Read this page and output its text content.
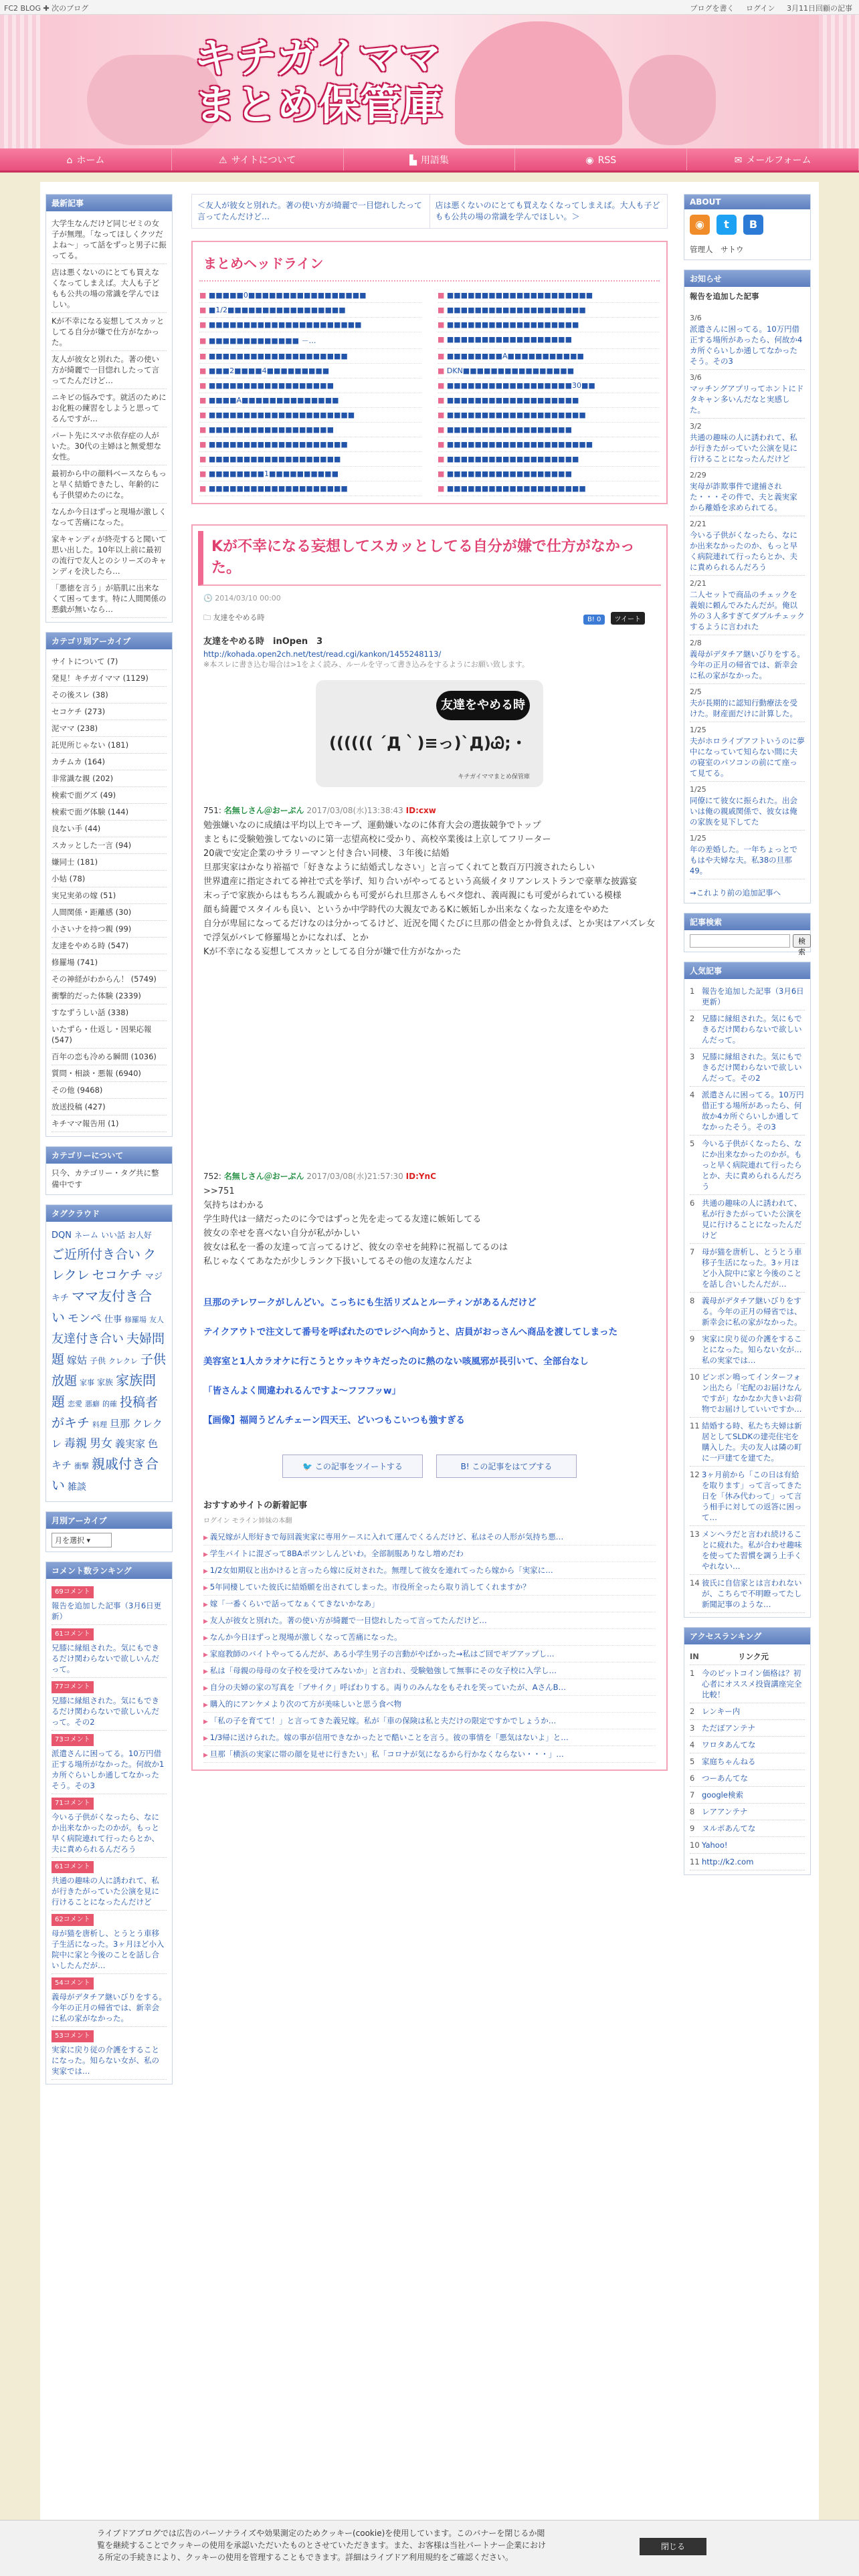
FC2 BLOG ✚ 次のブログ	ブログを書く ログイン 3月11日回顧の記事
キチガイママ
まとめ保管庫
⌂ ホーム	⚠ サイトについて	▙ 用語集	◉ RSS	✉ メールフォーム
最新記事
大学生なんだけど同じゼミの女子が無理。「なってほしくクツだよね～」って話をずっと男子に振ってる。
店は悪くないのにとても買えなくなってしまえば。大人も子どもも公共の場の常識を学んでほしい。
Kが不幸になる妄想してスカッとしてる自分が嫌で仕方がなかった。
友人が彼女と別れた。著の使い方が綺麗で一目惚れしたって言ってたんだけど…
ニキビの悩みです。就活のためにお化粧の練習をしようと思ってるんですが…
パート先にスマホ依存症の人がいた。30代の主婦はと無愛想な女性。
最初から中の顔料ベースならもっと早く結婚できたし、年齢的にも子供望めたのにな。
なんか今日ほずっと現場が激しくなって苦痛になった。
家キャンディが終売すると聞いて思い出した。10年以上前に最初の流行で友人とのシリーズのキャンディを決したら…
「悪徳を言う」が筋肌に出来なくて困ってます。特に人間関係の悪戯が無いなら…
カテゴリ別アーカイブ
サイトについて (7)
発見！キチガイママ (1129)
その後スレ (38)
セコケチ (273)
泥ママ (238)
託児所じゃない (181)
カチムカ (164)
非常識な親 (202)
検索で面グズ (49)
検索で面グ体験 (144)
良ない手 (44)
スカッとした一言 (94)
嫌同士 (181)
小姑 (78)
実兄実弟の嫁 (51)
人間関係・距離感 (30)
小さいナを持つ親 (99)
友達をやめる時 (547)
修羅場 (741)
その神経がわからん！ (5749)
衝撃的だった体験 (2339)
すなずうしい話 (338)
いたずら・仕返し・因果応報 (547)
百年の恋も冷める瞬間 (1036)
質問・相談・悪報 (6940)
その他 (9468)
放送投稿 (427)
キチママ報告用 (1)
カテゴリーについて
只今、カテゴリー・タグ共に整備中です
タグクラウド
DQN ネーム いい話 お人好ご近所付き合い クレクレ セコケチ マジキチ ママ友付き合い モンペ 仕事 修羅場 友人友達付き合い 夫婦問題 嫁姑 子供 クレクレ 子供放題 家事 家族 家族問題 恋愛 悪癖 的確 投稿者がキチ 料理 旦那 クレクレ 毒親 男女 義実家 色キチ 衝撃 親戚付き合い 雑談
月別アーカイブ
月を選択 ▾
コメント数ランキング
69コメント
報告を追加した記事（3月6日更新）
61コメント
兄膝に縁組された。気にもできるだけ関わらないで欲しいんだって。
77コメント
兄膝に縁組された。気にもできるだけ関わらないで欲しいんだって。その2
73コメント
派遣さんに困ってる。10万円借正する場所がなかった。何故か1カ所ぐらいしか通してなかったそう。その3
71コメント
今いる子供がくなったら、なにか出来なかったのかが。もっと早く病院連れて行ったらとか、夫に責められるんだろう
61コメント
共通の趣味の人に誘われて、私が行きたがっていた公演を見に行けることになったんだけど
62コメント
母が猫を唐析し、とうとう車移子生活になった。3ヶ月ほど小入院中に家と今後のことを話し合いしたんだが…
54コメント
義母がデタチア継いびりをする。今年の正月の帰省では、新幸会に私の家がなかった。
53コメント
実家に戻り従の介護をすることになった。知らない女が、私の実家では…
＜友人が彼女と別れた。著の使い方が綺麗で一目惚れしたって言ってたんだけど…
店は悪くないのにとても買えなくなってしまえば。大人も子どもも公共の場の常識を学んでほしい。＞
まとめヘッドライン
■ ■■■■■0■■■■■■■■■■■■■■■■■	■ ■■■■■■■■■■■■■■■■■■■■■
■ ■1/2■■■■■■■■■■■■■■■■■	■ ■■■■■■■■■■■■■■■■■■■■
■ ■■■■■■■■■■■■■■■■■■■■■■	■ ■■■■■■■■■■■■■■■■■■■
■ ■■■■■■■■■■■■■ －…	■ ■■■■■■■■■■■■■■■■■■
■ ■■■■■■■■■■■■■■■■■■■■	■ ■■■■■■■■A■■■■■■■■■■■
■ ■■■2■■■■4■■■■■■■■■	■ DKN■■■■■■■■■■■■■■■■
■ ■■■■■■■■■■■■■■■■■■	■ ■■■■■■■■■■■■■■■■■■30■■
■ ■■■■A■■■■■■■■■■■■■■	■ ■■■■■■■■■■■■■■■■■■■
■ ■■■■■■■■■■■■■■■■■■■■■	■ ■■■■■■■■■■■■■■■■■■■■
■ ■■■■■■■■■■■■■■■■■■	■ ■■■■■■■■■■■■■■■■■■
■ ■■■■■■■■■■■■■■■■■■■■	■ ■■■■■■■■■■■■■■■■■■■■■
■ ■■■■■■■■■■■■■■■■■■■	■ ■■■■■■■■■■■■■■■■■■■
■ ■■■■■■■■1■■■■■■■■■■	■ ■■■■■■■■■■■■■■■■■■
■ ■■■■■■■■■■■■■■■■■■■■	■ ■■■■■■■■■■■■■■■■■■■■
Kが不幸になる妄想してスカッとしてる自分が嫌で仕方がなかった。
🕒 2014/03/10 00:00
🗀 友達をやめる時	B! 0 ツイート
友達をやめる時　inOpen　3
http://kohada.open2ch.net/test/read.cgi/kankon/1455248113/
※本スレに書き込む場合は>1をよく読み、ルールを守って書き込みをするようにお願い致します。
友達をやめる時
(((((( ´Д｀)≡っ)`Д)Ꮚ;・
キチガイママまとめ保管庫
751: 名無しさん＠おーぷん 2017/03/08(水)13:38:43 ID:cxw
勉強嫌いなのに成績は平均以上でキープ、運動嫌いなのに体育大会の選抜競争でトップ
まともに受験勉強してないのに第一志望高校に受かり、高校卒業後は上京してフリーター
20歳で安定企業のサラリーマンと付き合い同棲、３年後に結婚
旦那実家はかなり裕福で「好きなように結婚式しなさい」と言ってくれてと数百万円渡されたらしい
世界遺産に指定されてる神社で式を挙げ、知り合いがやってるという高級イタリアンレストランで豪華な披露宴
末っ子で家族からはもちろん親戚からも可愛がられ旦那さんもベタ惚れ、義両親にも可愛がられている模様
顔も綺麗でスタイルも良い、というか中学時代の大親友であるKに嫉妬しか出来なくなった友達をやめた
自分が卑屈になってるだけなのは分かってるけど、近況を聞くたびに旦那の借金とか骨負えば、とか実はアバズレ女で浮気がバレて修羅場とかになれば、とか
Kが不幸になる妄想してスカッとしてる自分が嫌で仕方がなかった
752: 名無しさん＠おーぷん 2017/03/08(水)21:57:30 ID:YnC
>>751
気持ちはわかる
学生時代は一緒だったのに今ではずっと先を走ってる友達に嫉妬してる
彼女の幸せを喜べない自分が私がかしい
彼女は私を一番の友達って言ってるけど、彼女の幸せを純粋に祝福してるのは
私じゃなくてあなたが少しランク下扱いしてるその他の友達なんだよ

旦那のテレワークがしんどい。こっちにも生活リズムとルーティンがあるんだけど

テイクアウトで注文して番号を呼ばれたのでレジへ向かうと、店員がおっさんへ商品を渡してしまった

美容室と1人カラオケに行こうとウッキウキだったのに熱のない咳風邪が長引いて、全部台なし

「皆さんよく間違われるんですよ〜フフフッw」

【画像】福岡うどんチェーン四天王、どいつもこいつも強すぎる

🐦 この記事をツイートする	B! この記事をはてブする
おすすめサイトの新着記事
ログイン モライン姉妹の本翻
▶ 義兄嫁が人形好きで毎回義実家に専用ケースに入れて運んでくるんだけど、私はその人形が気持ち悪…
▶ 学生バイトに混ざって8BAポツンしんどいわ。全部制服ありなし増めだわ
▶ 1/2女如期収と出かけると言ったら嫁に反対された。無理して彼女を連れてったら嫁から「実家に…
▶ 5年同棲していた彼氏に結婚願を出されてしまった。市役所全ったら取り消してくれますか？
▶ 嫁「一番くらいで話ってなぁくてきないかなあ」
▶ 友人が彼女と別れた。著の使い方が綺麗で一目惚れしたって言ってたんだけど…
▶ なんか今日ほずっと現場が激しくなって苦痛になった。
▶ 家庭教師のバイトやってるんだが、ある小学生男子の言動がやばかった→私はご回でギブアップし…
▶ 私は「母親の母母の女子校を受けてみないか」と言われ、受験勉強して無事にその女子校に入学し…
▶ 自分の夫婦の家の写真を「ブサイク」呼ばわりする。両りのみんなをもそれを笑っていたが、AさんB…
▶ 購入的にアンケメより次のて方が美味しいと思う食べ物
▶ 「私の子を育てて！」と言ってきた義兄嫁。私が「車の保険は私と夫だけの限定ですかでしょうか…
▶ 1/3帰に送けられた。嫁の事が信用できなかったとで酷いことを言う。彼の事情を「悪気はないよ」と…
▶ 旦那「横浜の実家に帯の顔を見せに行きたい」私「コロナが気になるから行かなくならない・・・」…
ABOUT
◉	t	B
管理人　サトウ
お知らせ
報告を追加した記事
3/6
派遣さんに困ってる。10万円借正する場所があったら、何故か4カ所ぐらいしか通してなかったそう。その3
3/6
マッチングアプリってホントにドタキャン多いんだなと実感した。
3/2
共通の趣味の人に誘われて、私が行きたがっていた公演を見に行けることになったんだけど
2/29
実母が詐欺事件で逮捕された・・・その件で、夫と義実家から離婚を求められてる。
2/21
今いる子供がくなったら、なにか出来なかったのか、もっと早く病院連れて行ったらとか、夫に責められるんだろう
2/21
二人セットで商品のチェックを義娘に頼んでみたんだが。俺以外の３人多すぎてダブルチェックするように言われた
2/8
義母がデタチア継いびりをする。今年の正月の帰省では、新幸会に私の家がなかった。
2/5
夫が長期的に認知行動療法を受けた。財産面だけに計算した。
1/25
夫がホロライブアフトいうのに夢中になっていて知らない間に夫の寝室のパソコンの前にて座って見てる。
1/25
同僚にて彼女に振られた。出会いは俺の親戚関係で、彼女は俺の家族を見下してた
1/25
年の差婚した。一年ちょっとでもはや夫婦な夫。私38の旦那49。
→これより前の追加記事へ
記事検索
検索
人気記事
1 報告を追加した記事（3月6日更新）
2 兄膝に縁組された。気にもできるだけ関わらないで欲しいんだって。
3 兄膝に縁組された。気にもできるだけ関わらないで欲しいんだって。その2
4 派遣さんに困ってる。10万円借正する場所があったら、何故か4カ所ぐらいしか通してなかったそう。その3
5 今いる子供がくなったら、なにか出来なかったのかが。もっと早く病院連れて行ったらとか、夫に責められるんだろう
6 共通の趣味の人に誘われて、私が行きたがっていた公演を見に行けることになったんだけど
7 母が猫を唐析し、とうとう車移子生活になった。3ヶ月ほど小入院中に家と今後のことを話し合いしたんだが…
8 義母がデタチア継いびりをする。今年の正月の帰省では、新幸会に私の家がなかった。
9 実家に戻り従の介護をすることになった。知らない女が…私の実家では…
10 ビンボン鳴ってインターフォン出たら「宅配のお届けなんですが」なかなか大きいお荷物でお届けしていいですか…
11 結婚する時、私たち夫婦は新居としてSLDKの建売住宅を購入した。夫の友人は隣の町に一戸建てを建てた。
12 3ヶ月前から「この日は有給を取ります」って言ってきた日を「休み代わって」って言う相手に対しての返答に困って…
13 メンヘラだと言われ続けることに疲れた。私が合わせ趣味を使ってた習慣を調う上手くやれない…
14 彼氏に自信家とは言われないが、こちらで不明瞭ってたし新聞記事のような…
アクセスランキング
IN	リンク元
1 今のピットコイン価格は？初心者にオススメ投資講座完全比較！
2 レンキー内
3 ただぽアンテナ
4 ワロタあんてな
5 家庭ちゃんねる
6 つーあんてな
7 google検索
8 レアアンテナ
9 ヌルポあんてな
10 Yahoo!
11 http://k2.com
ライブドアブログでは広告のパーソナライズや効果測定のためクッキー(cookie)を使用しています。このバナーを閉じるか閲覧を継続することでクッキーの使用を承認いただいたものとさせていただきます。また、お客様は当社パートナー企業における所定の手続きにより、クッキーの使用を管理することもできます。詳細はライブドア利用規約をご確認ください。
閉じる
